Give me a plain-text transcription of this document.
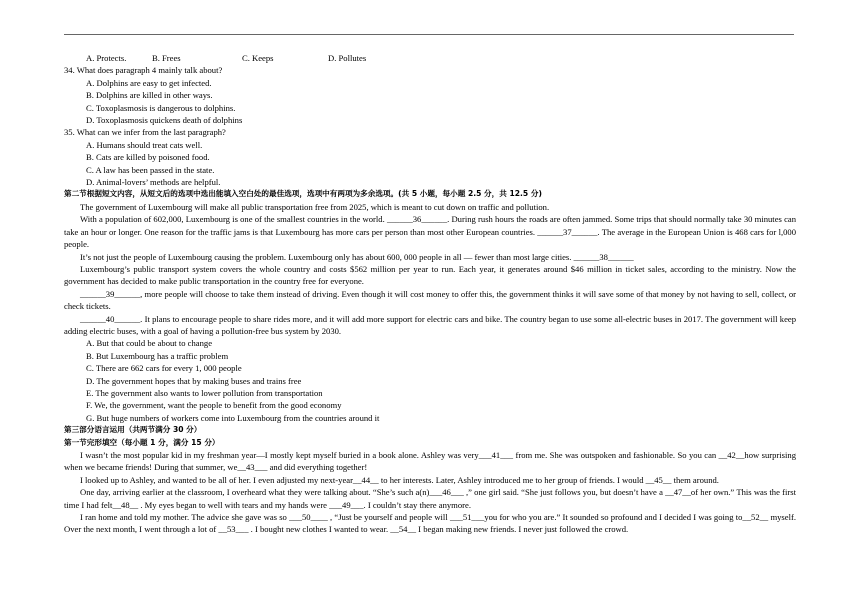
A. Protects.	B. Frees	C. Keeps	D. Pollutes
34. What does paragraph 4 mainly talk about?
A. Dolphins are easy to get infected.
B. Dolphins are killed in other ways.
C. Toxoplasmosis is dangerous to dolphins.
D. Toxoplasmosis quickens death of dolphins
35. What can we infer from the last paragraph?
A. Humans should treat cats well.
B. Cats are killed by poisoned food.
C. A law has been passed in the state.
D. Animal-lovers’ methods are helpful.
第二节根据短文内容，从短文后的选项中选出能填入空白处的最佳选项，选项中有两项为多余选项。(共 5 小题，每小题 2.5 分，共 12.5 分)
The government of Luxembourg will make all public transportation free from 2025, which is meant to cut down on traffic and pollution.
With a population of 602,000, Luxembourg is one of the smallest countries in the world. ______36______. During rush hours the roads are often jammed. Some trips that should normally take 30 minutes can take an hour or longer. One reason for the traffic jams is that Luxembourg has more cars per person than most other European countries. ______37______. The average in the European Union is 468 cars for l,000 people.
It’s not just the people of Luxembourg causing the problem. Luxembourg only has about 600, 000 people in all — fewer than most large cities. ______38______
Luxembourg’s public transport system covers the whole country and costs $562 million per year to run. Each year, it generates around $46 million in ticket sales, according to the ministry. Now the government has decided to make public transportation in the country free for everyone.
______39______, more people will choose to take them instead of driving. Even though it will cost money to offer this, the government thinks it will save some of that money by not having to sell, collect, or check tickets.
______40______. It plans to encourage people to share rides more, and it will add more support for electric cars and bike. The country began to use some all-electric buses in 2017. The government will keep adding electric buses, with a goal of having a pollution-free bus system by 2030.
A. But that could be about to change
B. But Luxembourg has a traffic problem
C. There are 662 cars for every 1, 000 people
D. The government hopes that by making buses and trains free
E. The government also wants to lower pollution from transportation
F. We, the government, want the people to benefit from the good economy
G. But huge numbers of workers come into Luxembourg from the countries around it
第三部分语言运用（共两节满分 30 分）
第一节完形填空（每小题 1 分，满分 15 分）
I wasn’t the most popular kid in my freshman year—I mostly kept myself buried in a book alone. Ashley was very___41___ from me. She was outspoken and fashionable. So you can __42__how surprising when we became friends! During that summer, we__43___ and did everything together!
I looked up to Ashley, and wanted to be all of her. I even adjusted my next-year__44__ to her interests. Later, Ashley introduced me to her group of friends. I would __45__ them around.
One day, arriving earlier at the classroom, I overheard what they were talking about. “She’s such a(n)___46___ ,” one girl said. “She just follows you, but doesn’t have a __47__of her own.” This was the first time I had felt__48__ . My eyes began to well with tears and my hands were ___49___. I couldn’t stay there anymore.
I ran home and told my mother. The advice she gave was so ___50____ , “Just be yourself and people will ___51___you for who you are.” It sounded so profound and I decided I was going to__52__ myself. Over the next month, I went through a lot of __53___ . I bought new clothes I wanted to wear. __54__ I began making new friends. I never just followed the crowd.
